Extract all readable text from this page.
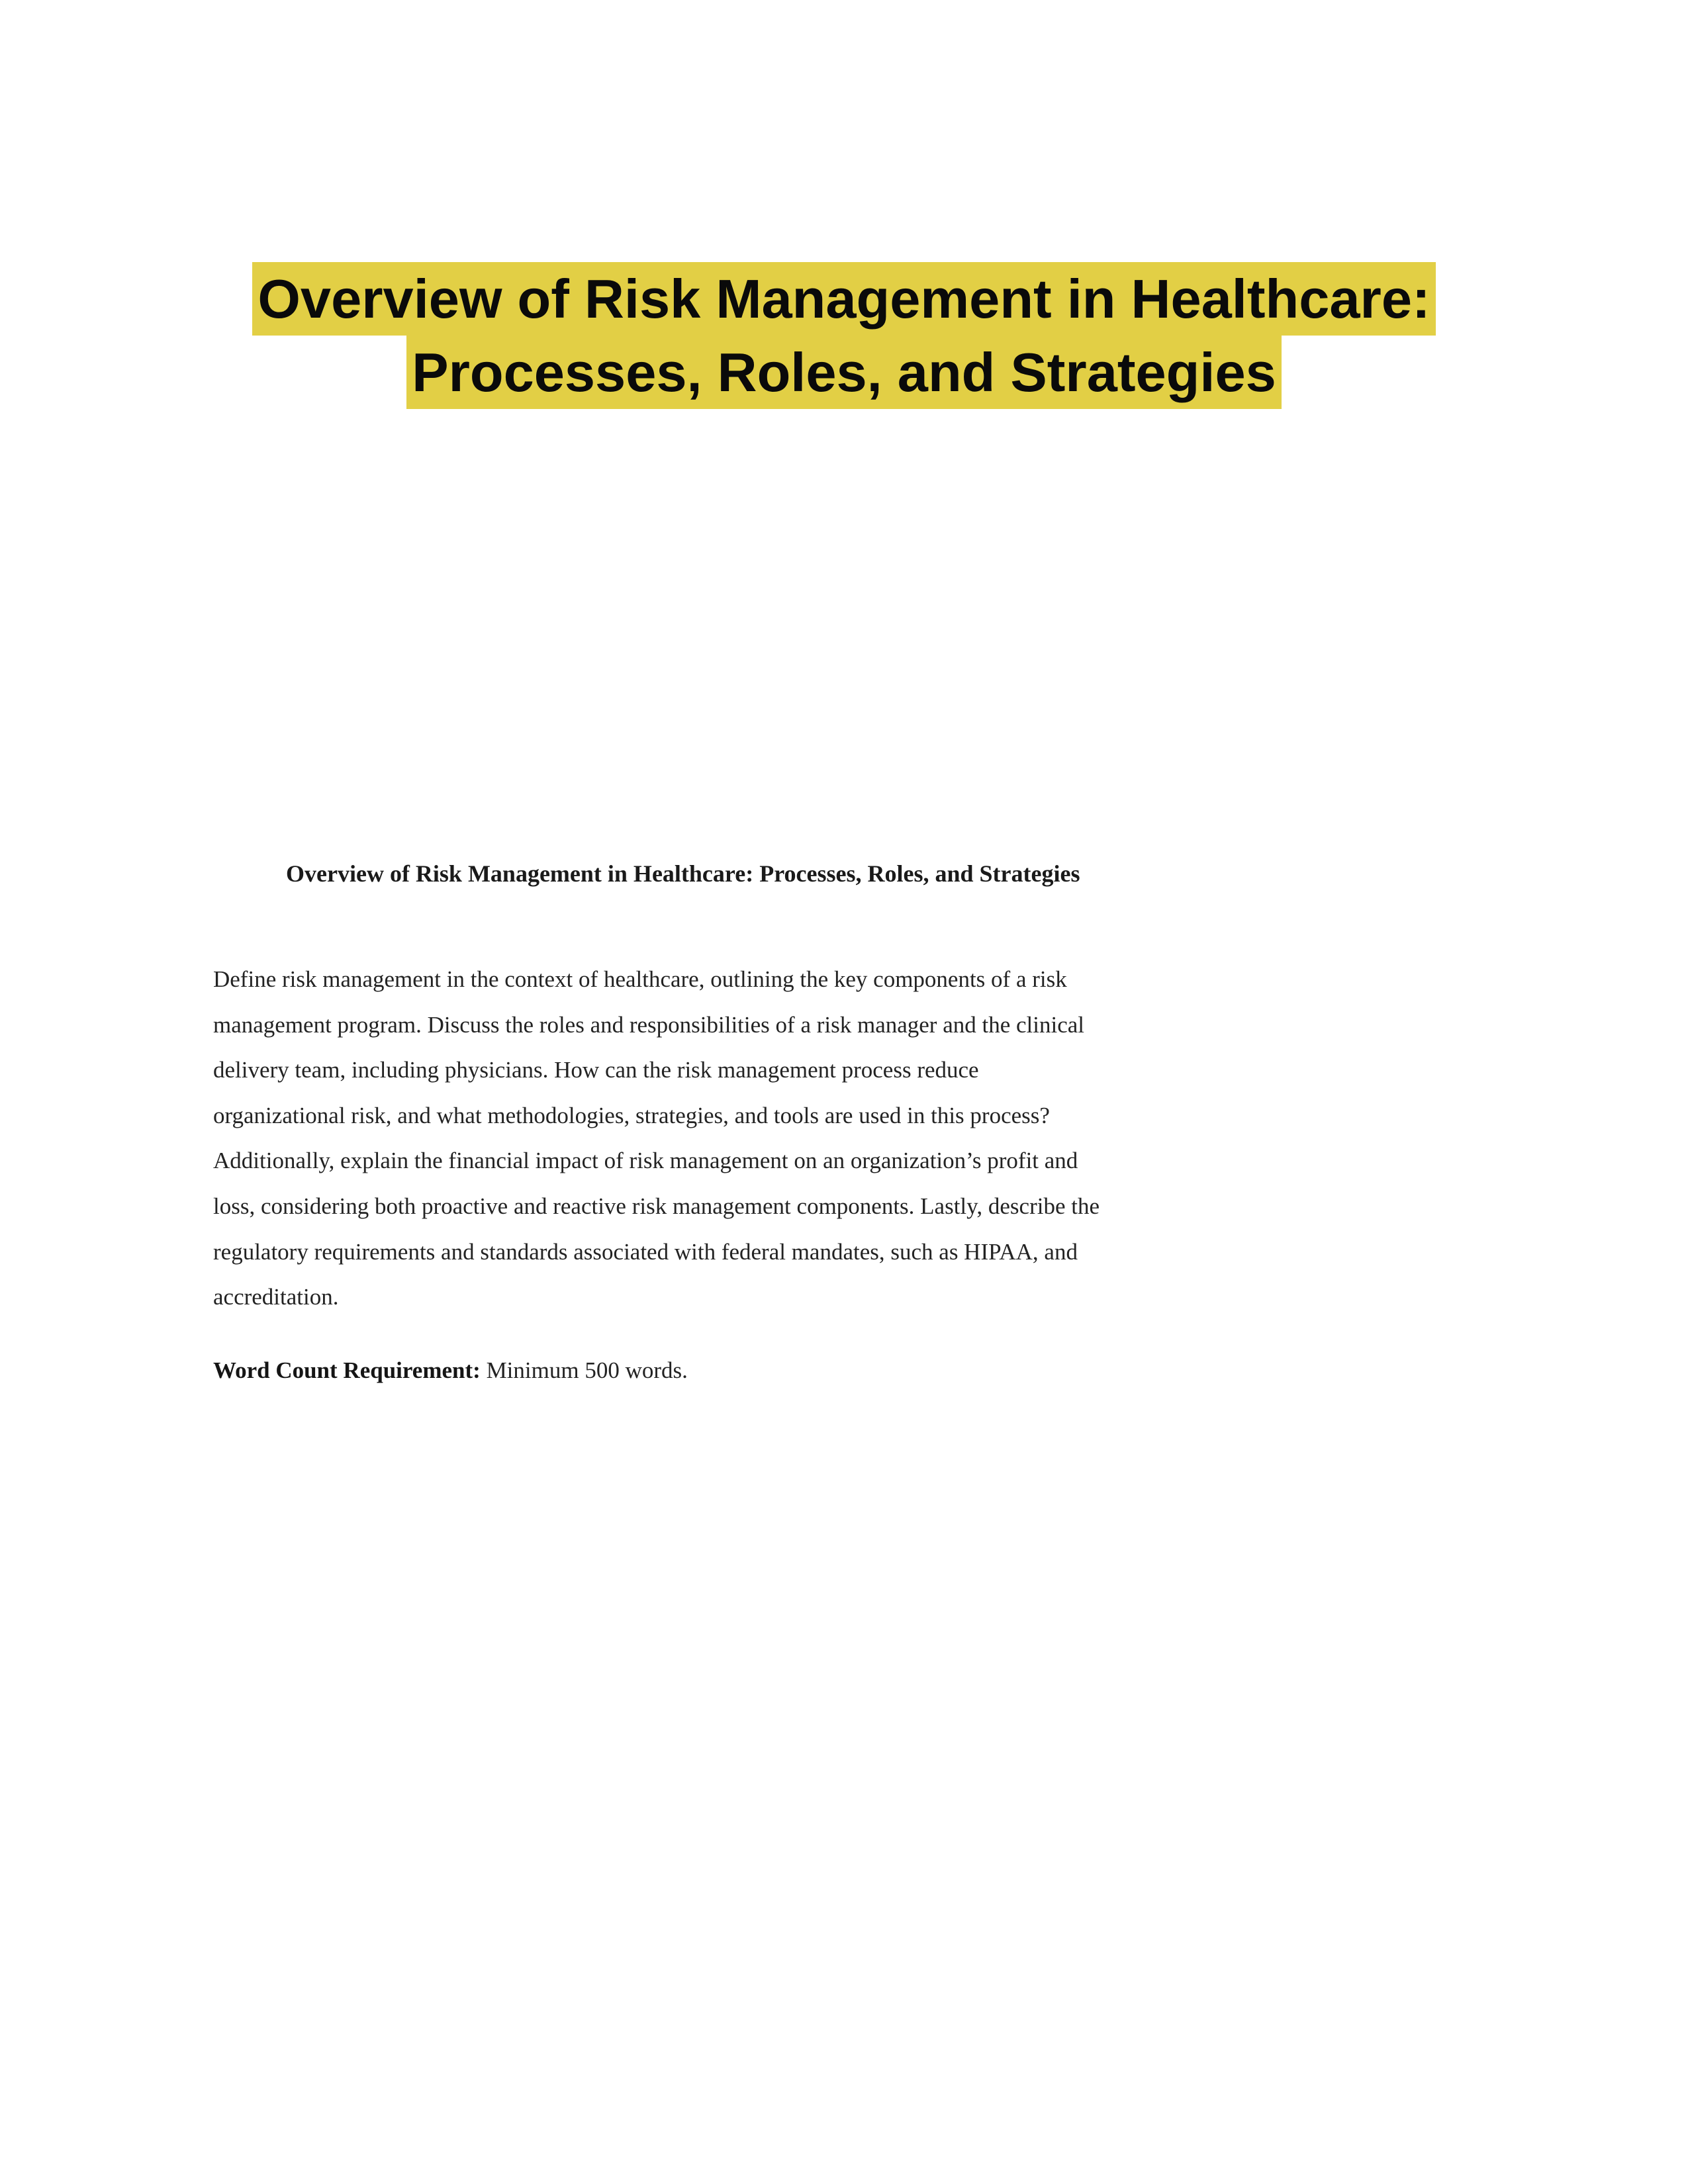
Overview of Risk Management in Healthcare:
Processes, Roles, and Strategies
Overview of Risk Management in Healthcare: Processes, Roles, and Strategies
Define risk management in the context of healthcare, outlining the key components of a risk
management program. Discuss the roles and responsibilities of a risk manager and the clinical
delivery team, including physicians. How can the risk management process reduce
organizational risk, and what methodologies, strategies, and tools are used in this process?
Additionally, explain the financial impact of risk management on an organization’s profit and
loss, considering both proactive and reactive risk management components. Lastly, describe the
regulatory requirements and standards associated with federal mandates, such as HIPAA, and
accreditation.
Word Count Requirement: Minimum 500 words.
